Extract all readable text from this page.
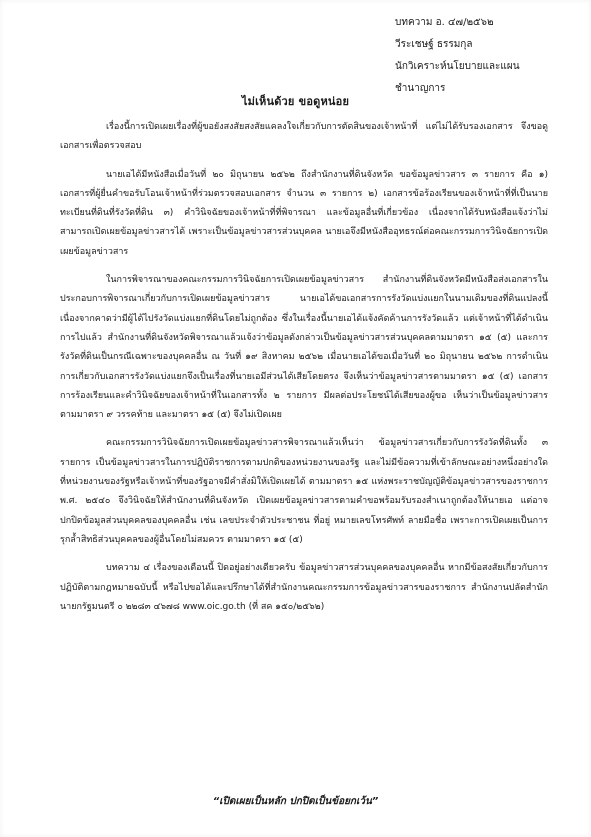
บทความ อ. ๔๗/๒๕๖๒
วีระเชษฐ์ ธรรมกุล
นักวิเคราะห์นโยบายและแผนชำนาญการ
ไม่เห็นด้วย ขอดูหน่อย

เรื่องนี้การเปิดเผยเรื่องที่ผู้ขอยังสงสัยสงสัยแคลงใจเกี่ยวกับการตัดสินของเจ้าหน้าที่ แต่ไม่ได้รับรองเอกสาร จึงขอดูเอกสารเพื่อตรวจสอบ

นายเอได้มีหนังสือเมื่อวันที่ ๒๐ มิถุนายน ๒๕๖๒ ถึงสำนักงานที่ดินจังหวัด ขอข้อมูลข่าวสาร ๓ รายการ คือ ๑) เอกสารที่ผู้ยื่นคำขอรับโอนเจ้าหน้าที่ร่วมตรวจสอบเอกสาร จำนวน ๓ รายการ ๒) เอกสารข้อร้องเรียนของเจ้าหน้าที่ที่เป็นนายทะเบียนที่ดินที่รังวัดที่ดิน ๓) คำวินิจฉัยของเจ้าหน้าที่ที่พิจารณา และข้อมูลอื่นที่เกี่ยวข้อง เนื่องจากได้รับหนังสือแจ้งว่าไม่สามารถเปิดเผยข้อมูลข่าวสารได้ เพราะเป็นข้อมูลข่าวสารส่วนบุคคล นายเอจึงมีหนังสืออุทธรณ์ต่อคณะกรรมการวินิจฉัยการเปิดเผยข้อมูลข่าวสาร

ในการพิจารณาของคณะกรรมการวินิจฉัยการเปิดเผยข้อมูลข่าวสาร สำนักงานที่ดินจังหวัดมีหนังสือส่งเอกสารในประกอบการพิจารณาเกี่ยวกับการเปิดเผยข้อมูลข่าวสาร นายเอได้ขอเอกสารการรังวัดแบ่งแยกในนามเดิมของที่ดินแปลงนี้ เนื่องจากคาดว่ามีผู้ได้ไปรังวัดแบ่งแยกที่ดินโดยไม่ถูกต้อง ซึ่งในเรื่องนี้นายเอได้แจ้งคัดค้านการรังวัดแล้ว แต่เจ้าหน้าที่ได้ดำเนินการไปแล้ว สำนักงานที่ดินจังหวัดพิจารณาแล้วแจ้งว่าข้อมูลดังกล่าวเป็นข้อมูลข่าวสารส่วนบุคคลตามมาตรา ๑๕ (๕) และการรังวัดที่ดินเป็นกรณีเฉพาะของบุคคลอื่น ณ วันที่ ๑๙ สิงหาคม ๒๕๖๒ เมื่อนายเอได้ขอเมื่อวันที่ ๒๐ มิถุนายน ๒๕๖๒ การดำเนินการเกี่ยวกับเอกสารรังวัดแบ่งแยกจึงเป็นเรื่องที่นายเอมีส่วนได้เสียโดยตรง จึงเห็นว่าข้อมูลข่าวสารตามมาตรา ๑๕ (๕) เอกสารการร้องเรียนและคำวินิจฉัยของเจ้าหน้าที่ในเอกสารทั้ง ๒ รายการ มีผลต่อประโยชน์ได้เสียของผู้ขอ เห็นว่าเป็นข้อมูลข่าวสารตามมาตรา ๙ วรรคท้าย และมาตรา ๑๕ (๕) จึงไม่เปิดเผย

คณะกรรมการวินิจฉัยการเปิดเผยข้อมูลข่าวสารพิจารณาแล้วเห็นว่า ข้อมูลข่าวสารเกี่ยวกับการรังวัดที่ดินทั้ง ๓ รายการ เป็นข้อมูลข่าวสารในการปฏิบัติราชการตามปกติของหน่วยงานของรัฐ และไม่มีข้อความที่เข้าลักษณะอย่างหนึ่งอย่างใดที่หน่วยงานของรัฐหรือเจ้าหน้าที่ของรัฐอาจมีคำสั่งมิให้เปิดเผยได้ ตามมาตรา ๑๕ แห่งพระราชบัญญัติข้อมูลข่าวสารของราชการ พ.ศ. ๒๕๔๐ จึงวินิจฉัยให้สำนักงานที่ดินจังหวัด เปิดเผยข้อมูลข่าวสารตามคำขอพร้อมรับรองสำเนาถูกต้องให้นายเอ แต่อาจปกปิดข้อมูลส่วนบุคคลของบุคคลอื่น เช่น เลขประจำตัวประชาชน ที่อยู่ หมายเลขโทรศัพท์ ลายมือชื่อ เพราะการเปิดเผยเป็นการรุกล้ำสิทธิส่วนบุคคลของผู้อื่นโดยไม่สมควร ตามมาตรา ๑๕ (๕)

บทความ ๔ เรื่องของเดือนนี้ ปิดอยู่อย่างเดียวครับ ข้อมูลข่าวสารส่วนบุคคลของบุคคลอื่น หากมีข้อสงสัยเกี่ยวกับการปฏิบัติตามกฎหมายฉบับนี้ หรือไปขอได้และปรึกษาได้ที่สำนักงานคณะกรรมการข้อมูลข่าวสารของราชการ สำนักงานปลัดสำนักนายกรัฐมนตรี ๐ ๒๒๘๓ ๔๖๗๘ www.oic.go.th (ที่ สค ๑๕๐/๒๕๖๒)

“เปิดเผยเป็นหลัก ปกปิดเป็นข้อยกเว้น”
